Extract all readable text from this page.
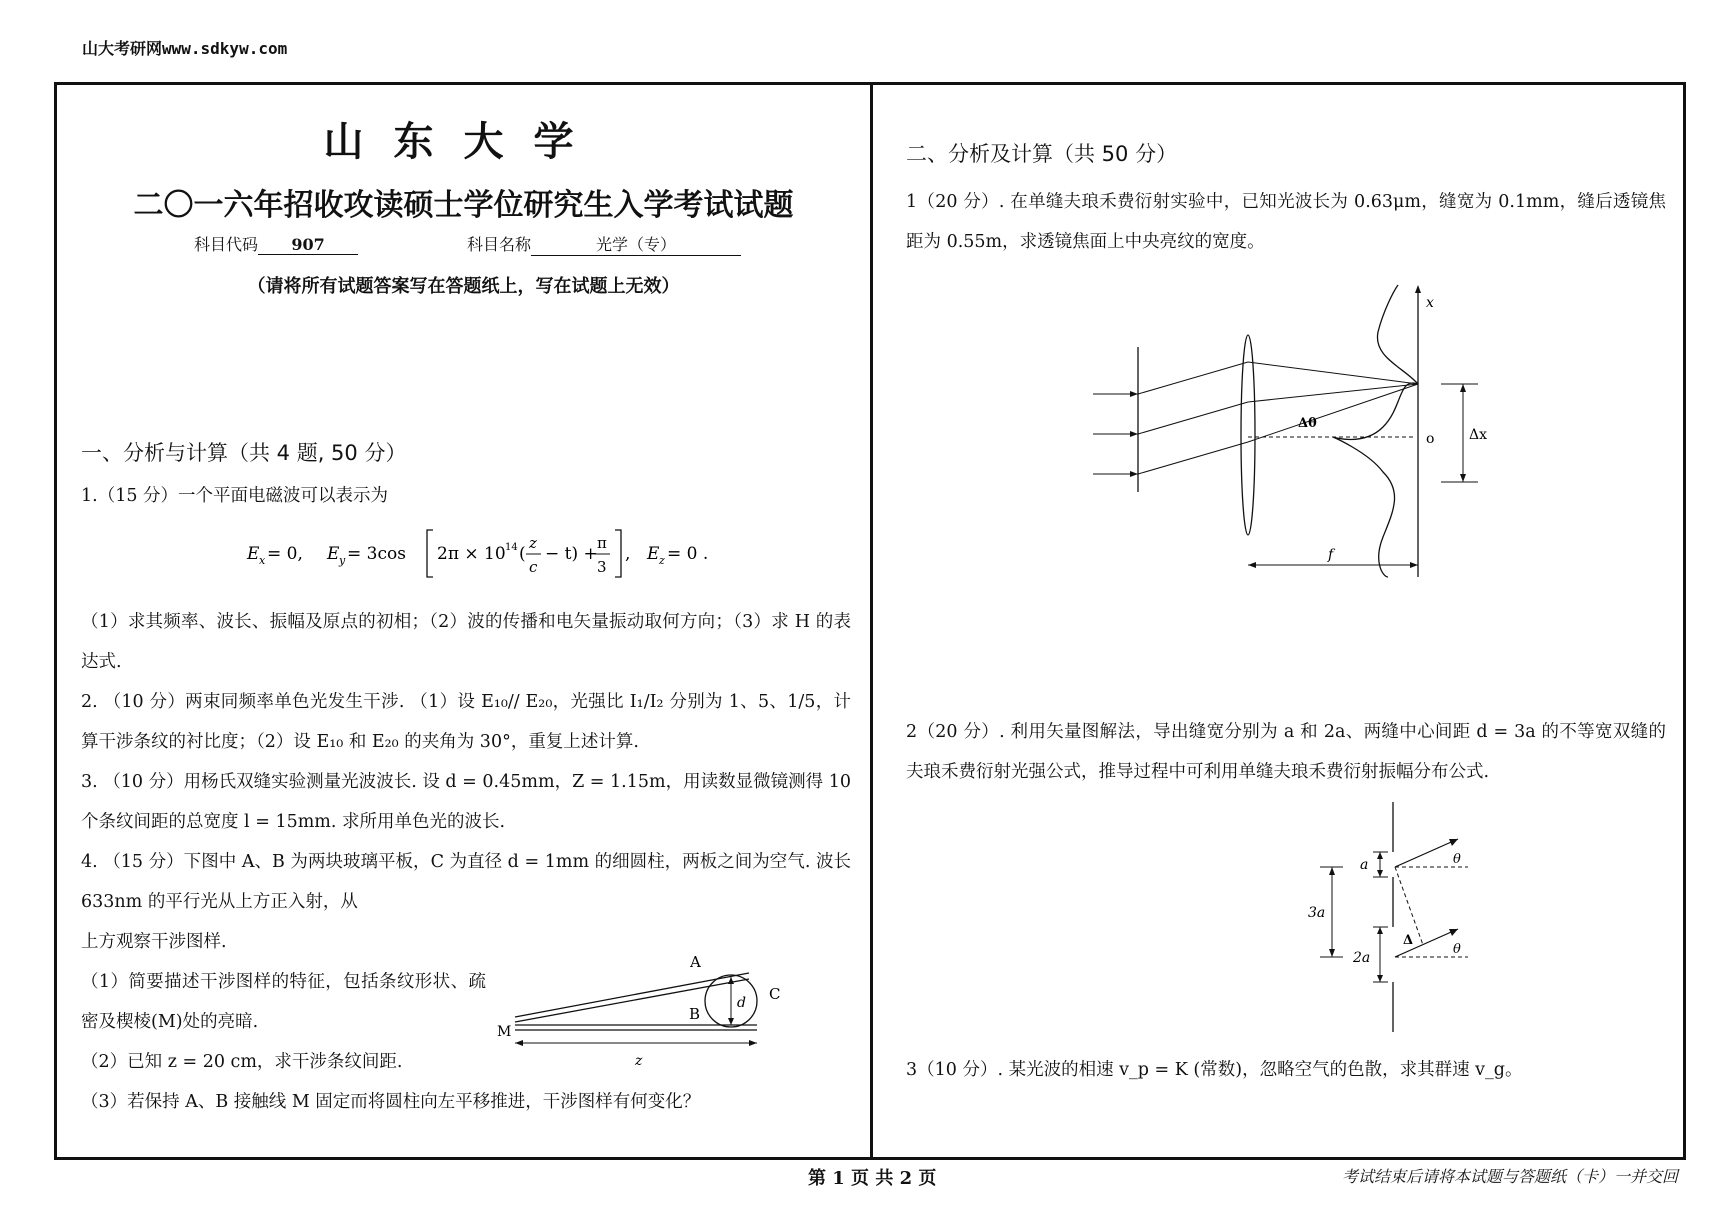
山大考研网www.sdkyw.com
山东大学
二〇一六年招收攻读硕士学位研究生入学考试试题
科目代码 907	科目名称	光学（专）
（请将所有试题答案写在答题纸上，写在试题上无效）
一、分析与计算（共 4 题, 50 分）
1.（15 分）一个平面电磁波可以表示为
E x = 0, E y = 3cos 2π × 10 14 (
z
c
− t) +
π
3
, E z = 0 .
（1）求其频率、波长、振幅及原点的初相；（2）波的传播和电矢量振动取何方向；（3）求 H 的表达式.
2. （10 分）两束同频率单色光发生干涉. （1）设 E₁₀// E₂₀，光强比 I₁/I₂ 分别为 1、5、1/5，计算干涉条纹的衬比度；（2）设 E₁₀ 和 E₂₀ 的夹角为 30°，重复上述计算.
3. （10 分）用杨氏双缝实验测量光波波长. 设 d = 0.45mm，Z = 1.15m，用读数显微镜测得 10 个条纹间距的总宽度 l = 15mm. 求所用单色光的波长.
4. （15 分）下图中 A、B 为两块玻璃平板，C 为直径 d = 1mm 的细圆柱，两板之间为空气. 波长 633nm 的平行光从上方正入射，从
上方观察干涉图样.
（1）简要描述干涉图样的特征，包括条纹形状、疏密及楔棱(M)处的亮暗.
（2）已知 z = 20 cm，求干涉条纹间距.
（3）若保持 A、B 接触线 M 固定而将圆柱向左平移推进，干涉图样有何变化？
A
B
C
d
M
z
二、分析及计算（共 50 分）
1（20 分）. 在单缝夫琅禾费衍射实验中，已知光波长为 0.63μm，缝宽为 0.1mm，缝后透镜焦距为 0.55m，求透镜焦面上中央亮纹的宽度。
x
o Δx
Δθ
f
2（20 分）. 利用矢量图解法，导出缝宽分别为 a 和 2a、两缝中心间距 d = 3a 的不等宽双缝的夫琅禾费衍射光强公式，推导过程中可利用单缝夫琅禾费衍射振幅分布公式.
a
3a
2a
θ
θ
Δ
3（10 分）. 某光波的相速 v_p = K (常数)，忽略空气的色散，求其群速 v_g。
第 1 页 共 2 页	考试结束后请将本试题与答题纸（卡）一并交回
